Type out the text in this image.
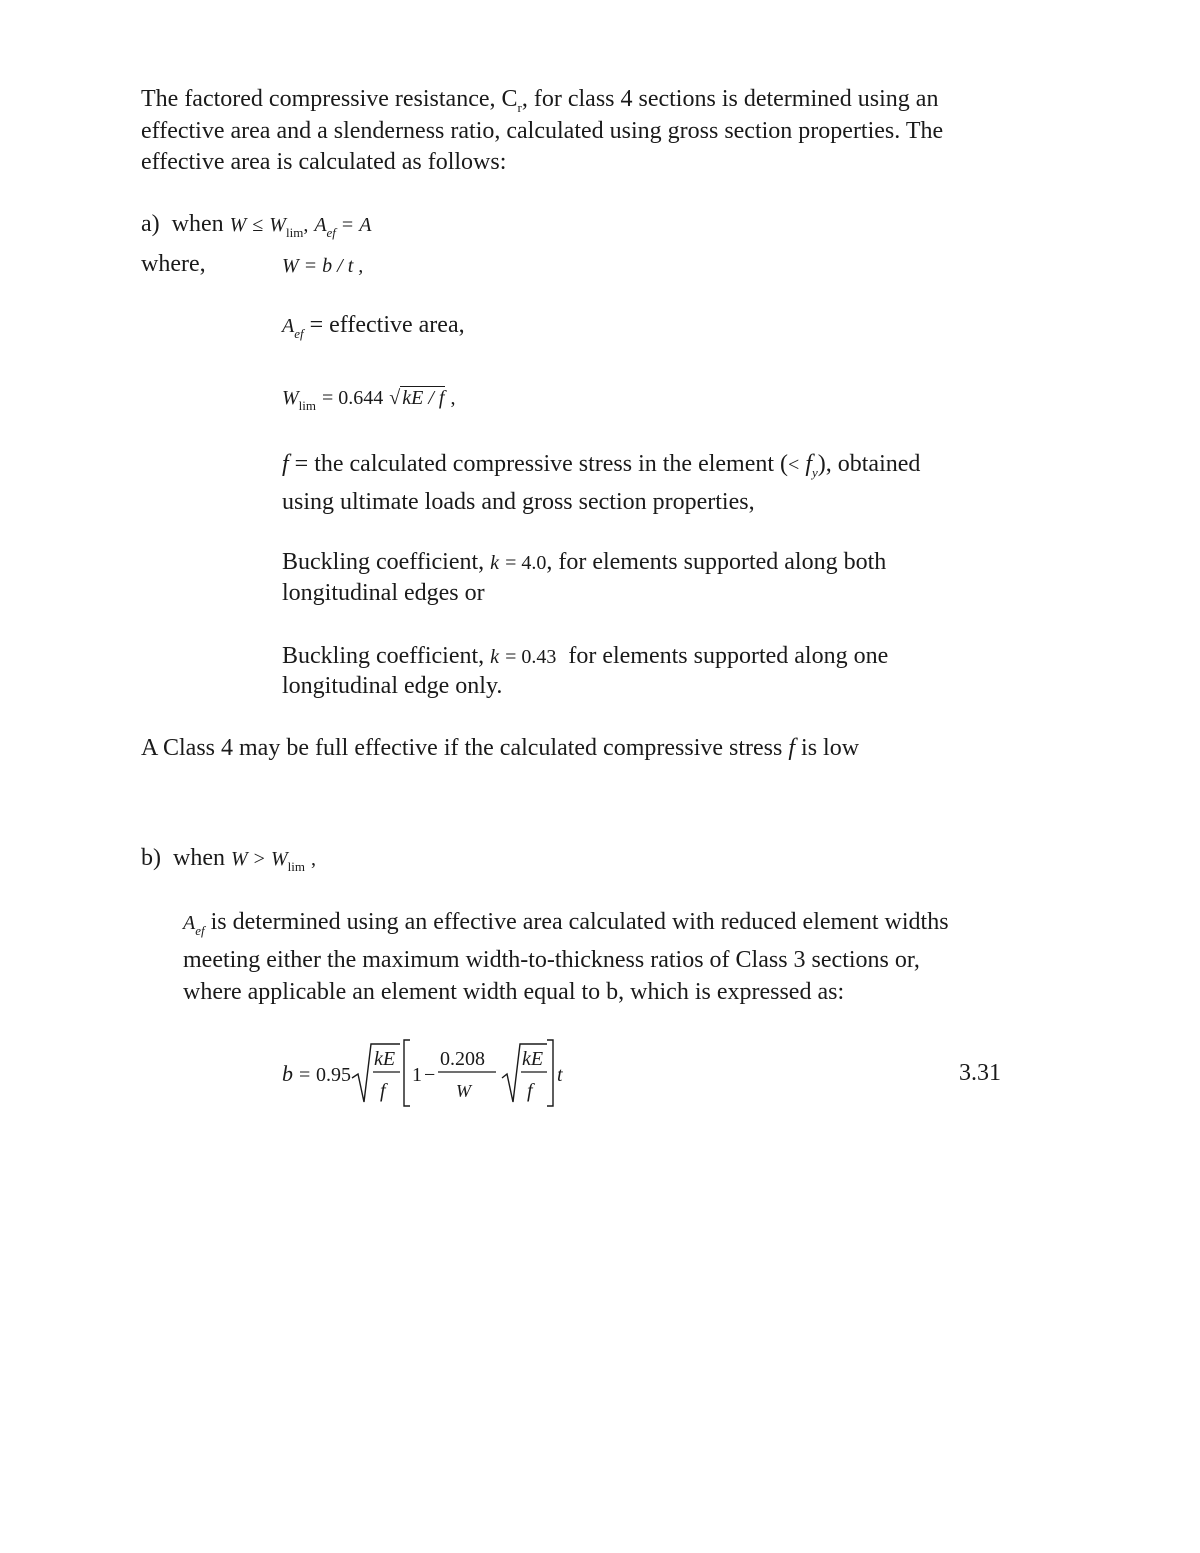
The factored compressive resistance, $C_r$, for class 4 sections is determined using an
effective area and a slenderness ratio, calculated using gross section properties. The
effective area is calculated as follows:
a) when $W \le W_{lim}$, $A_{ef} = A$
where,	W = b / t ,
$A_{ef}$ = effective area,
$W_{lim} = 0.644$ √ kE / f ,
f = the calculated compressive stress in the element (< $f_y$), obtained
using ultimate loads and gross section properties,
Buckling coefficient, k = 4.0, for elements supported along both
longitudinal edges or
Buckling coefficient, k = 0.43 for elements supported along one
longitudinal edge only.
A Class 4 may be full effective if the calculated compressive stress f is low
b) when $W > W_{lim}$ ,
$A_{ef}$ is determined using an effective area calculated with reduced element widths
meeting either the maximum width-to-thickness ratios of Class 3 sections or,
where applicable an element width equal to b, which is expressed as:
b = 0.95
kE
f
1 −
0.208
W
kE
f
t	3.31
